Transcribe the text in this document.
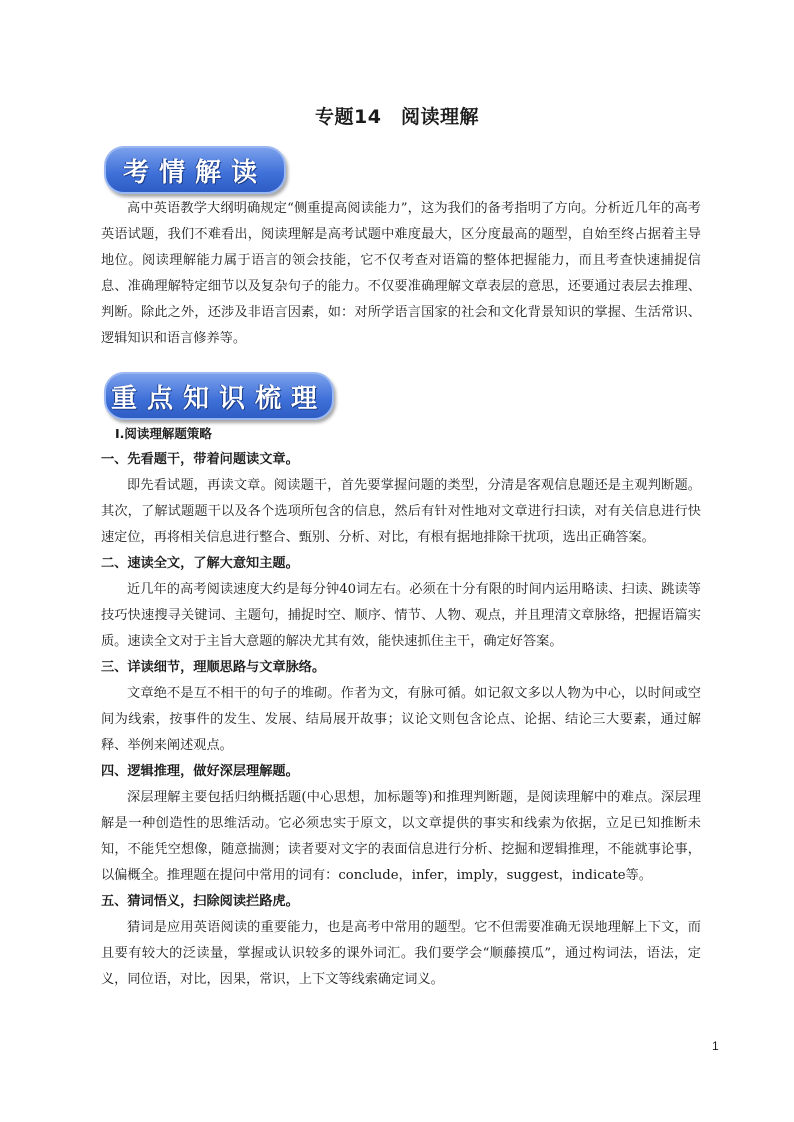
专题14　阅读理解
考情解读

高中英语教学大纲明确规定“侧重提高阅读能力”，这为我们的备考指明了方向。分析近几年的高考英语试题，我们不难看出，阅读理解是高考试题中难度最大，区分度最高的题型，自始至终占据着主导地位。阅读理解能力属于语言的领会技能，它不仅考查对语篇的整体把握能力，而且考查快速捕捉信息、准确理解特定细节以及复杂句子的能力。不仅要准确理解文章表层的意思，还要通过表层去推理、判断。除此之外，还涉及非语言因素，如：对所学语言国家的社会和文化背景知识的掌握、生活常识、逻辑知识和语言修养等。

重点知识梳理

Ⅰ.阅读理解题策略

一、先看题干，带着问题读文章。

即先看试题，再读文章。阅读题干，首先要掌握问题的类型，分清是客观信息题还是主观判断题。其次，了解试题题干以及各个选项所包含的信息，然后有针对性地对文章进行扫读，对有关信息进行快速定位，再将相关信息进行整合、甄别、分析、对比，有根有据地排除干扰项，选出正确答案。

二、速读全文，了解大意知主题。

近几年的高考阅读速度大约是每分钟40词左右。必须在十分有限的时间内运用略读、扫读、跳读等技巧快速搜寻关键词、主题句，捕捉时空、顺序、情节、人物、观点，并且理清文章脉络，把握语篇实质。速读全文对于主旨大意题的解决尤其有效，能快速抓住主干，确定好答案。

三、详读细节，理顺思路与文章脉络。

文章绝不是互不相干的句子的堆砌。作者为文，有脉可循。如记叙文多以人物为中心，以时间或空间为线索，按事件的发生、发展、结局展开故事；议论文则包含论点、论据、结论三大要素，通过解释、举例来阐述观点。

四、逻辑推理，做好深层理解题。

深层理解主要包括归纳概括题(中心思想，加标题等)和推理判断题，是阅读理解中的难点。深层理解是一种创造性的思维活动。它必须忠实于原文，以文章提供的事实和线索为依据，立足已知推断未知，不能凭空想像，随意揣测；读者要对文字的表面信息进行分析、挖掘和逻辑推理，不能就事论事，以偏概全。推理题在提问中常用的词有：conclude，infer，imply，suggest，indicate等。

五、猜词悟义，扫除阅读拦路虎。

猜词是应用英语阅读的重要能力，也是高考中常用的题型。它不但需要准确无误地理解上下文，而且要有较大的泛读量，掌握或认识较多的课外词汇。我们要学会“顺藤摸瓜”，通过构词法，语法，定义，同位语，对比，因果，常识，上下文等线索确定词义。

1
